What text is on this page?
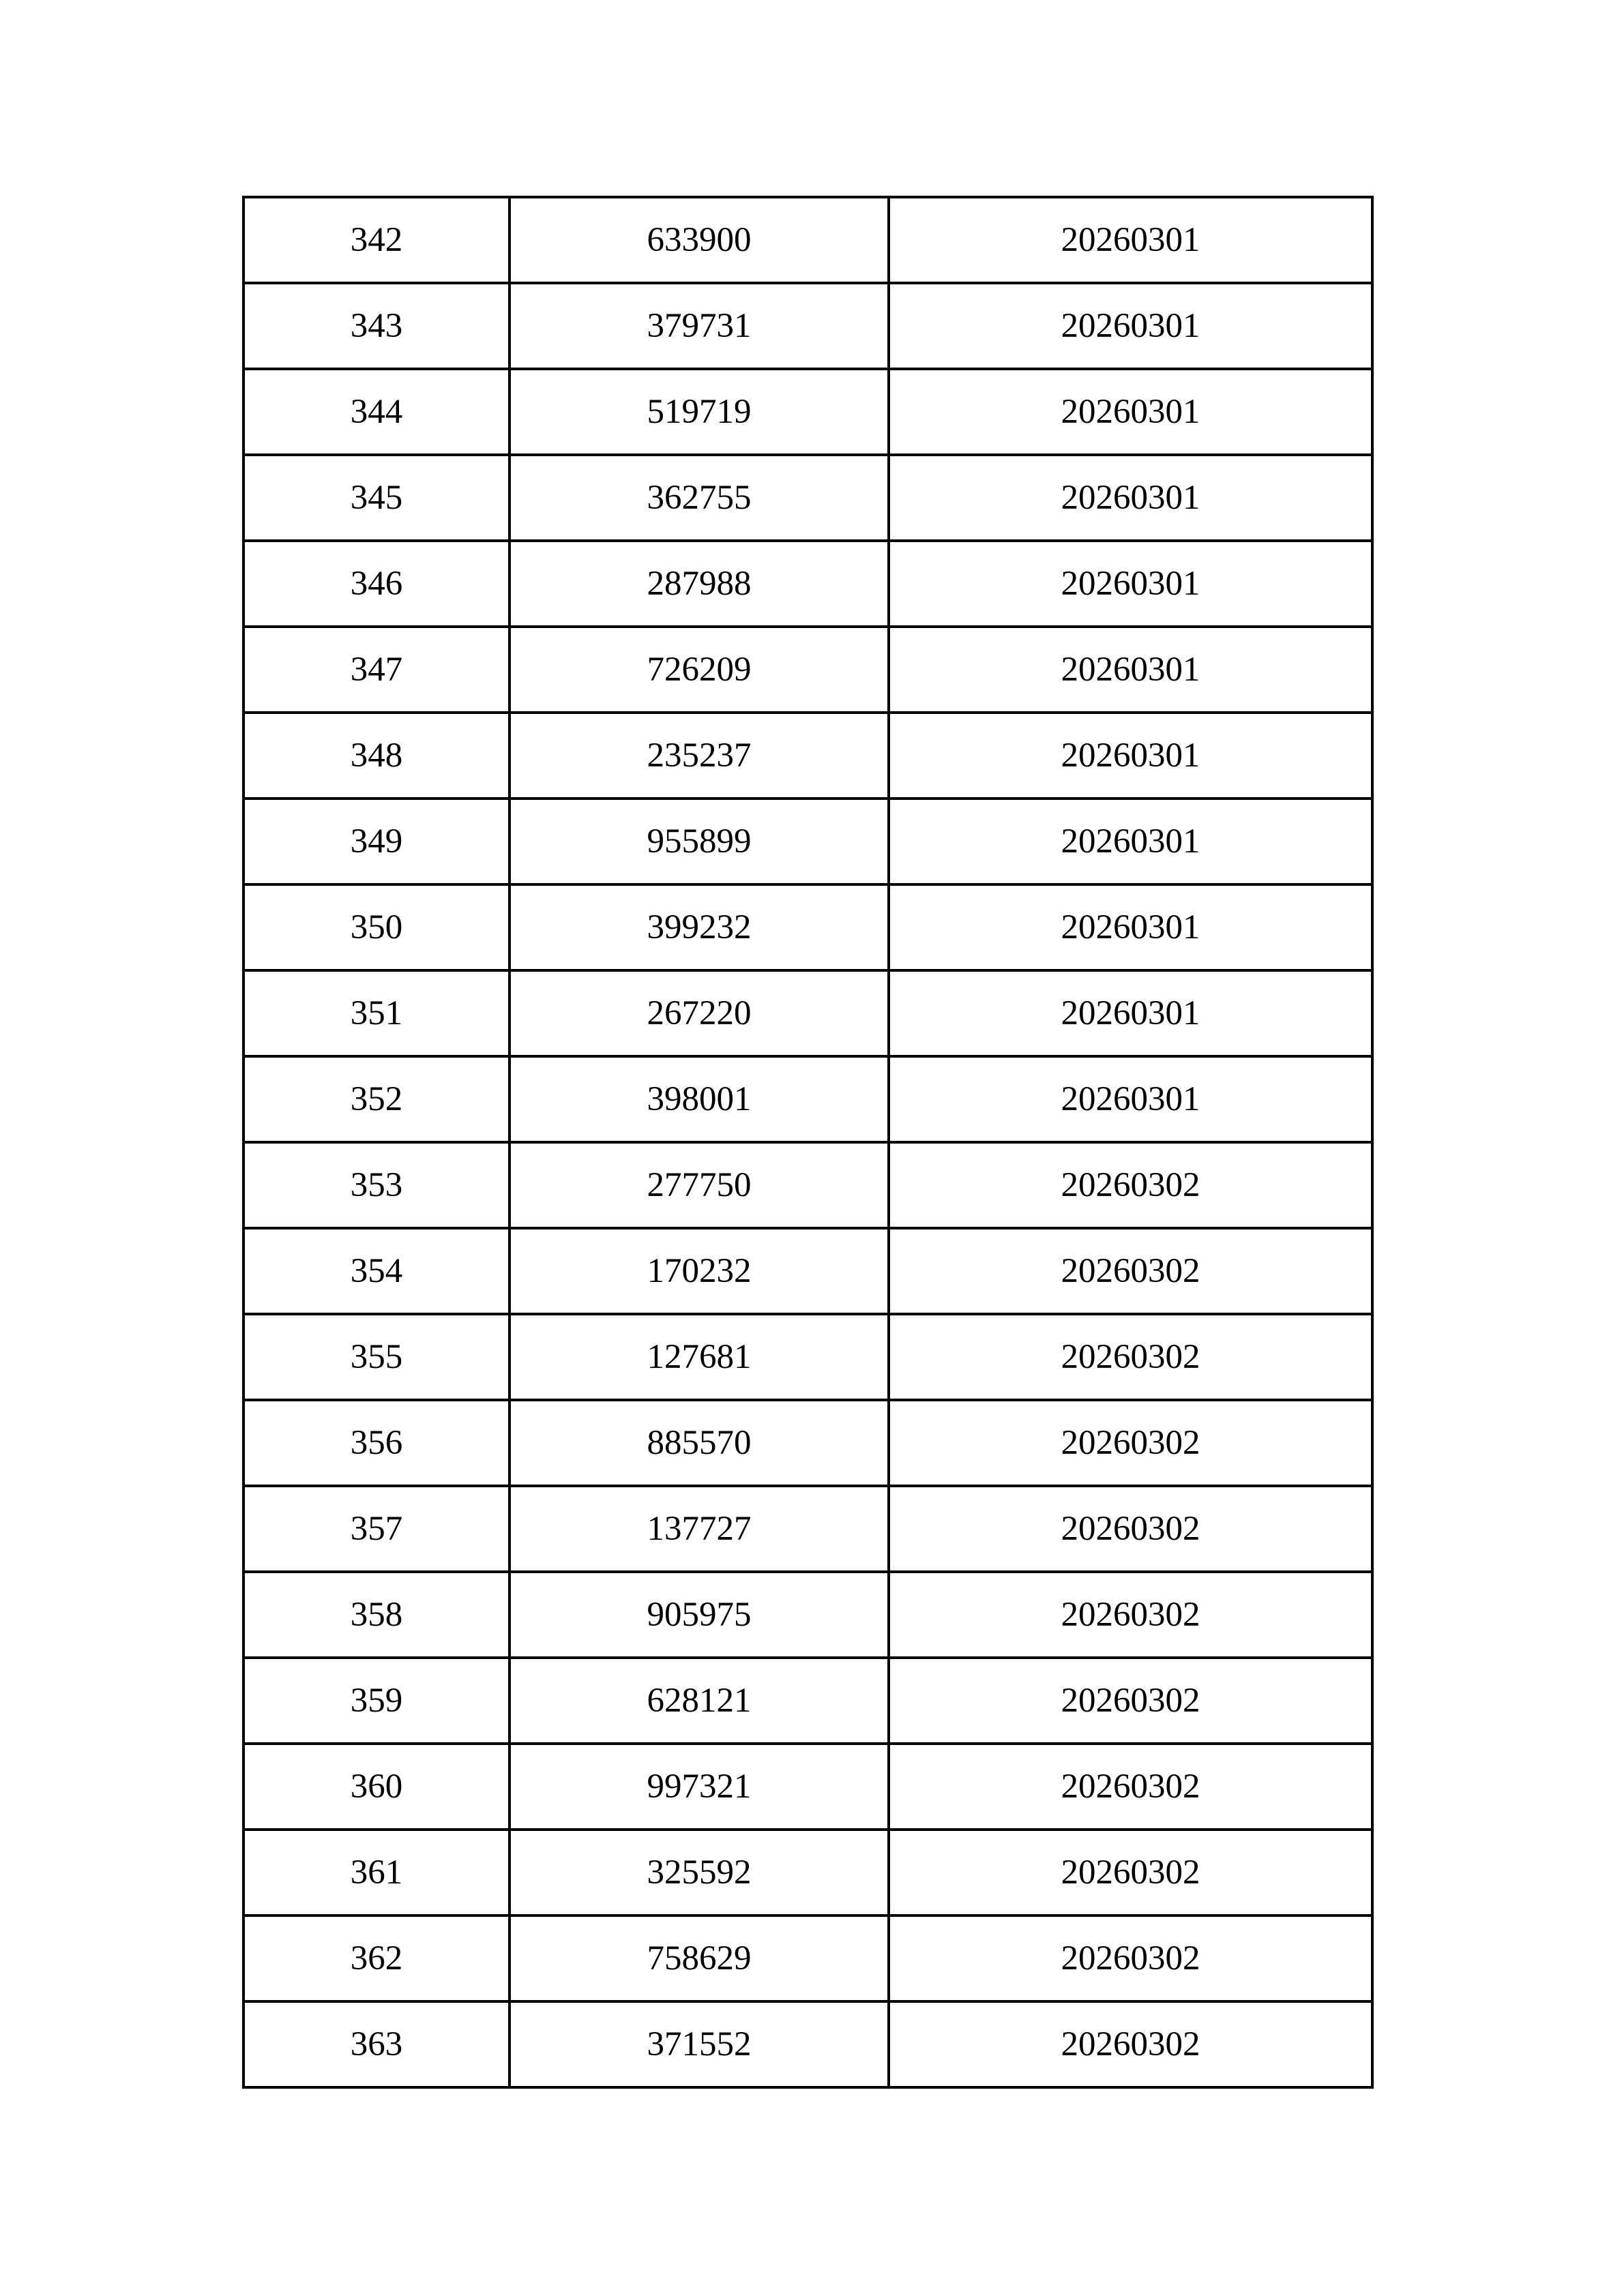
342	633900	20260301
343	379731	20260301
344	519719	20260301
345	362755	20260301
346	287988	20260301
347	726209	20260301
348	235237	20260301
349	955899	20260301
350	399232	20260301
351	267220	20260301
352	398001	20260301
353	277750	20260302
354	170232	20260302
355	127681	20260302
356	885570	20260302
357	137727	20260302
358	905975	20260302
359	628121	20260302
360	997321	20260302
361	325592	20260302
362	758629	20260302
363	371552	20260302
